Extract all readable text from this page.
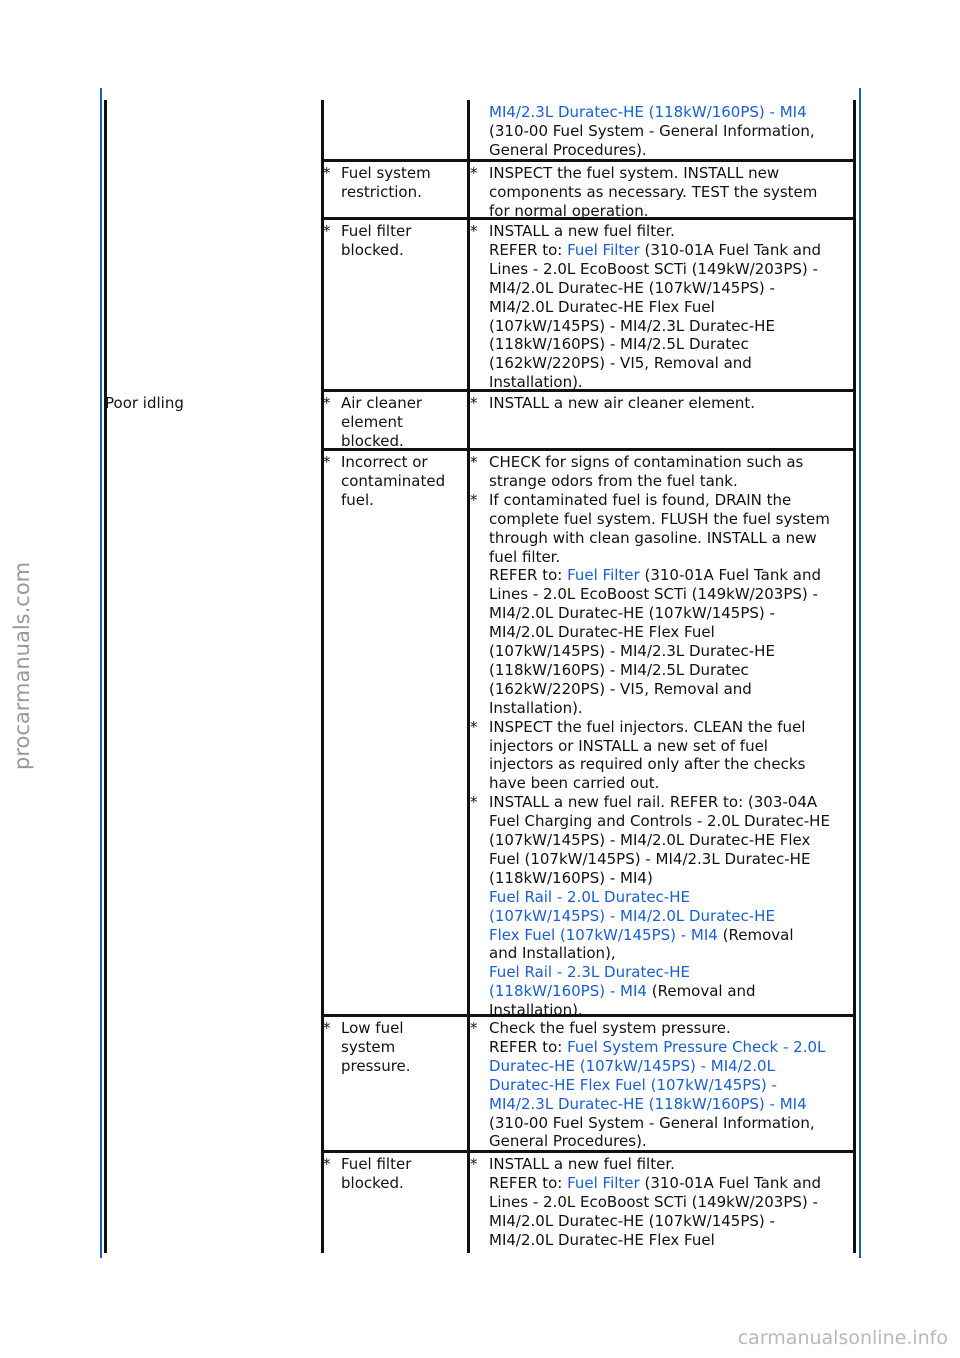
MI4/2.3L Duratec-HE (118kW/160PS) - MI4
(310-00 Fuel System - General Information,
General Procedures).
* Fuel system
restriction.
* INSPECT the fuel system. INSTALL new
components as necessary. TEST the system
for normal operation.
* Fuel filter
blocked.
* INSTALL a new fuel filter.
REFER to: Fuel Filter (310-01A Fuel Tank and
Lines - 2.0L EcoBoost SCTi (149kW/203PS) -
MI4/2.0L Duratec-HE (107kW/145PS) -
MI4/2.0L Duratec-HE Flex Fuel
(107kW/145PS) - MI4/2.3L Duratec-HE
(118kW/160PS) - MI4/2.5L Duratec
(162kW/220PS) - VI5, Removal and
Installation).
Poor idling	* Air cleaner
element
blocked.
* INSTALL a new air cleaner element.
* Incorrect or
contaminated
fuel.
* CHECK for signs of contamination such as
strange odors from the fuel tank.
* If contaminated fuel is found, DRAIN the
complete fuel system. FLUSH the fuel system
through with clean gasoline. INSTALL a new
fuel filter.
REFER to: Fuel Filter (310-01A Fuel Tank and
Lines - 2.0L EcoBoost SCTi (149kW/203PS) -
MI4/2.0L Duratec-HE (107kW/145PS) -
MI4/2.0L Duratec-HE Flex Fuel
(107kW/145PS) - MI4/2.3L Duratec-HE
(118kW/160PS) - MI4/2.5L Duratec
(162kW/220PS) - VI5, Removal and
Installation).
* INSPECT the fuel injectors. CLEAN the fuel
injectors or INSTALL a new set of fuel
injectors as required only after the checks
have been carried out.
* INSTALL a new fuel rail. REFER to: (303-04A
Fuel Charging and Controls - 2.0L Duratec-HE
(107kW/145PS) - MI4/2.0L Duratec-HE Flex
Fuel (107kW/145PS) - MI4/2.3L Duratec-HE
(118kW/160PS) - MI4)
Fuel Rail - 2.0L Duratec-HE
(107kW/145PS) - MI4/2.0L Duratec-HE
Flex Fuel (107kW/145PS) - MI4 (Removal
and Installation),
Fuel Rail - 2.3L Duratec-HE
(118kW/160PS) - MI4 (Removal and
Installation).
* Low fuel
system
pressure.
* Check the fuel system pressure.
REFER to: Fuel System Pressure Check - 2.0L
Duratec-HE (107kW/145PS) - MI4/2.0L
Duratec-HE Flex Fuel (107kW/145PS) -
MI4/2.3L Duratec-HE (118kW/160PS) - MI4
(310-00 Fuel System - General Information,
General Procedures).
* Fuel filter
blocked.
* INSTALL a new fuel filter.
REFER to: Fuel Filter (310-01A Fuel Tank and
Lines - 2.0L EcoBoost SCTi (149kW/203PS) -
MI4/2.0L Duratec-HE (107kW/145PS) -
MI4/2.0L Duratec-HE Flex Fuel
procarmanuals.com
carmanualsonline.info
